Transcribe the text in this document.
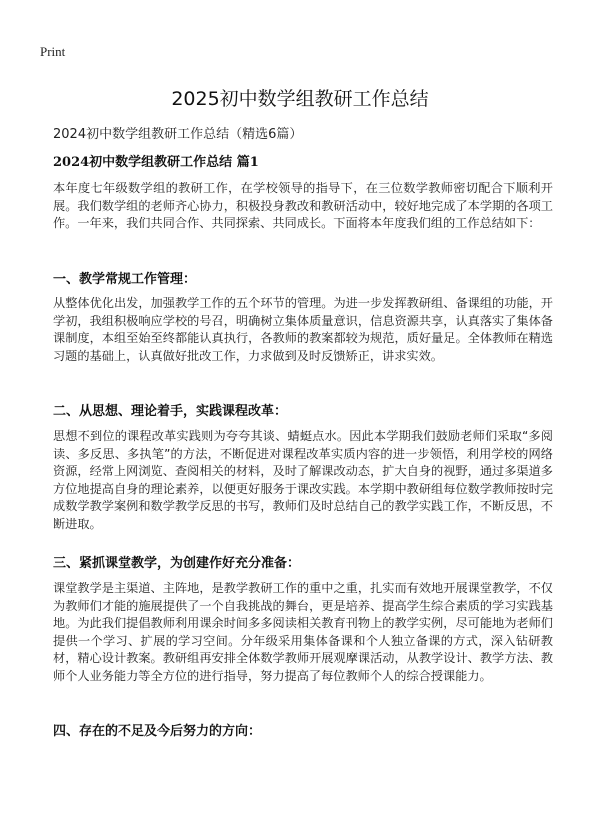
Print
2025初中数学组教研工作总结
2024初中数学组教研工作总结（精选6篇）
2024初中数学组教研工作总结 篇1

本年度七年级数学组的教研工作，在学校领导的指导下，在三位数学教师密切配合下顺利开展。我们数学组的老师齐心协力，积极投身教改和教研活动中，较好地完成了本学期的各项工作。一年来，我们共同合作、共同探索、共同成长。下面将本年度我们组的工作总结如下：

一、教学常规工作管理：

从整体优化出发，加强教学工作的五个环节的管理。为进一步发挥教研组、备课组的功能，开学初，我组积极响应学校的号召，明确树立集体质量意识，信息资源共享，认真落实了集体备课制度，本组至始至终都能认真执行，各教师的教案都较为规范，质好量足。全体教师在精选习题的基础上，认真做好批改工作，力求做到及时反馈矫正，讲求实效。

二、从思想、理论着手，实践课程改革：

思想不到位的课程改革实践则为夸夸其谈、蜻蜓点水。因此本学期我们鼓励老师们采取“多阅读、多反思、多执笔”的方法，不断促进对课程改革实质内容的进一步领悟，利用学校的网络资源，经常上网浏览、查阅相关的材料，及时了解课改动态，扩大自身的视野，通过多渠道多方位地提高自身的理论素养，以便更好服务于课改实践。本学期中教研组每位数学教师按时完成数学教学案例和数学教学反思的书写，教师们及时总结自己的教学实践工作，不断反思，不断进取。

三、紧抓课堂教学，为创建作好充分准备：

课堂教学是主渠道、主阵地，是教学教研工作的重中之重，扎实而有效地开展课堂教学，不仅为教师们才能的施展提供了一个自我挑战的舞台，更是培养、提高学生综合素质的学习实践基地。为此我们提倡教师利用课余时间多多阅读相关教育刊物上的教学实例，尽可能地为老师们提供一个学习、扩展的学习空间。分年级采用集体备课和个人独立备课的方式，深入钻研教材，精心设计教案。教研组再安排全体数学教师开展观摩课活动，从教学设计、教学方法、教师个人业务能力等全方位的进行指导，努力提高了每位教师个人的综合授课能力。

四、存在的不足及今后努力的方向：
